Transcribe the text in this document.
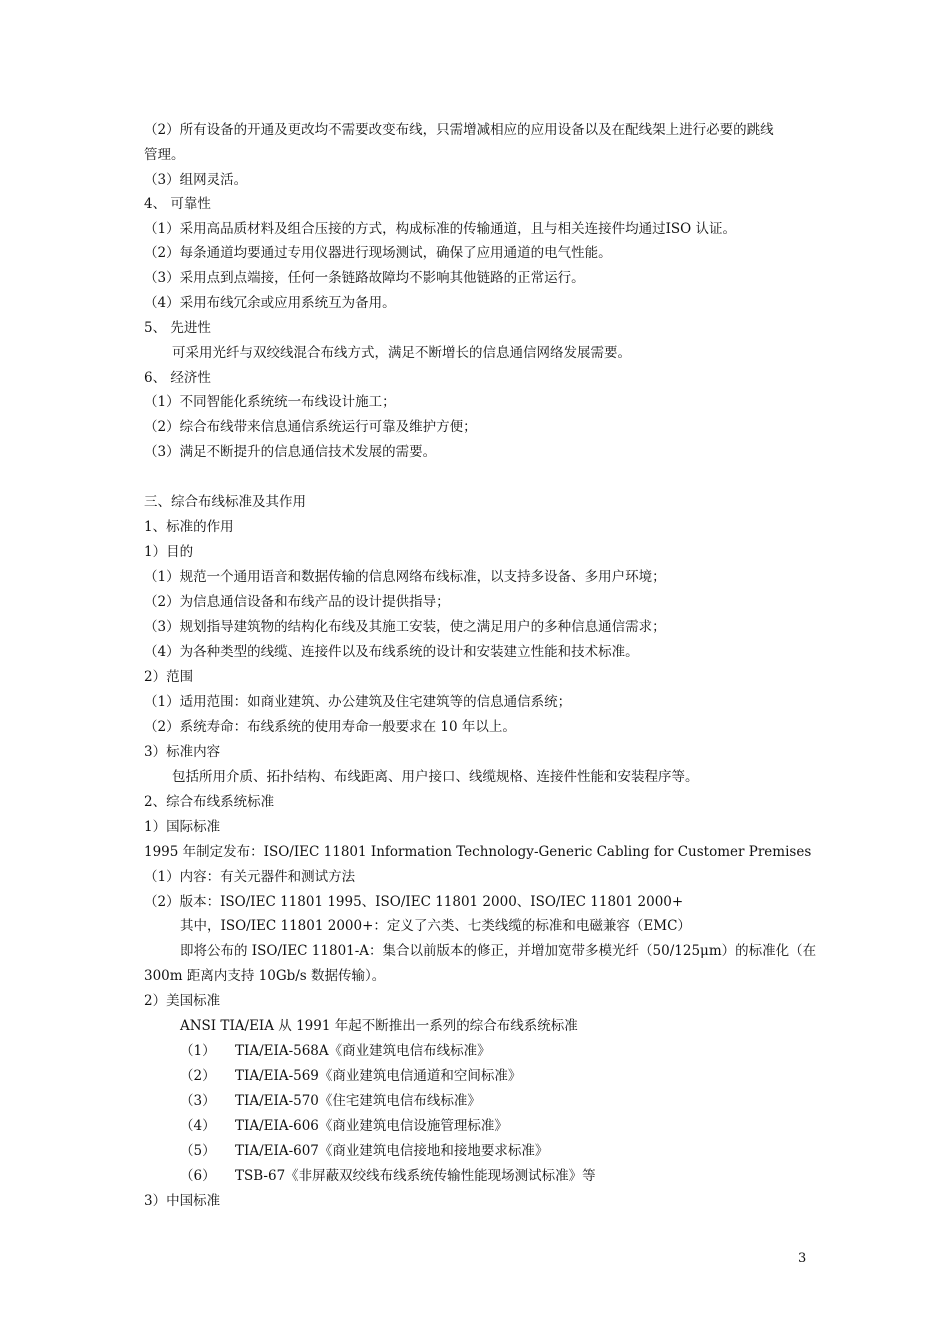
（2）所有设备的开通及更改均不需要改变布线，只需增减相应的应用设备以及在配线架上进行必要的跳线
管理。
（3）组网灵活。
4、 可靠性
（1）采用高品质材料及组合压接的方式，构成标准的传输通道，且与相关连接件均通过ISO 认证。
（2）每条通道均要通过专用仪器进行现场测试，确保了应用通道的电气性能。
（3）采用点到点端接，任何一条链路故障均不影响其他链路的正常运行。
（4）采用布线冗余或应用系统互为备用。
5、 先进性
可采用光纤与双绞线混合布线方式，满足不断增长的信息通信网络发展需要。
6、 经济性
（1）不同智能化系统统一布线设计施工；
（2）综合布线带来信息通信系统运行可靠及维护方便；
（3）满足不断提升的信息通信技术发展的需要。
三、综合布线标准及其作用
1、标准的作用
1）目的
（1）规范一个通用语音和数据传输的信息网络布线标准，以支持多设备、多用户环境；
（2）为信息通信设备和布线产品的设计提供指导；
（3）规划指导建筑物的结构化布线及其施工安装，使之满足用户的多种信息通信需求；
（4）为各种类型的线缆、连接件以及布线系统的设计和安装建立性能和技术标准。
2）范围
（1）适用范围：如商业建筑、办公建筑及住宅建筑等的信息通信系统；
（2）系统寿命：布线系统的使用寿命一般要求在 10 年以上。
3）标准内容
包括所用介质、拓扑结构、布线距离、用户接口、线缆规格、连接件性能和安装程序等。
2、综合布线系统标准
1）国际标准
1995 年制定发布：ISO/IEC 11801 Information Technology-Generic Cabling for Customer Premises
（1）内容：有关元器件和测试方法
（2）版本：ISO/IEC 11801 1995、ISO/IEC 11801 2000、ISO/IEC 11801 2000+
其中，ISO/IEC 11801 2000+：定义了六类、七类线缆的标准和电磁兼容（EMC）
即将公布的 ISO/IEC 11801-A：集合以前版本的修正，并增加宽带多模光纤（50/125μm）的标准化（在
300m 距离内支持 10Gb/s 数据传输）。
2）美国标准
ANSI TIA/EIA 从 1991 年起不断推出一系列的综合布线系统标准
（1） TIA/EIA-568A《商业建筑电信布线标准》
（2） TIA/EIA-569《商业建筑电信通道和空间标准》
（3） TIA/EIA-570《住宅建筑电信布线标准》
（4） TIA/EIA-606《商业建筑电信设施管理标准》
（5） TIA/EIA-607《商业建筑电信接地和接地要求标准》
（6） TSB-67《非屏蔽双绞线布线系统传输性能现场测试标准》等
3）中国标准
3
